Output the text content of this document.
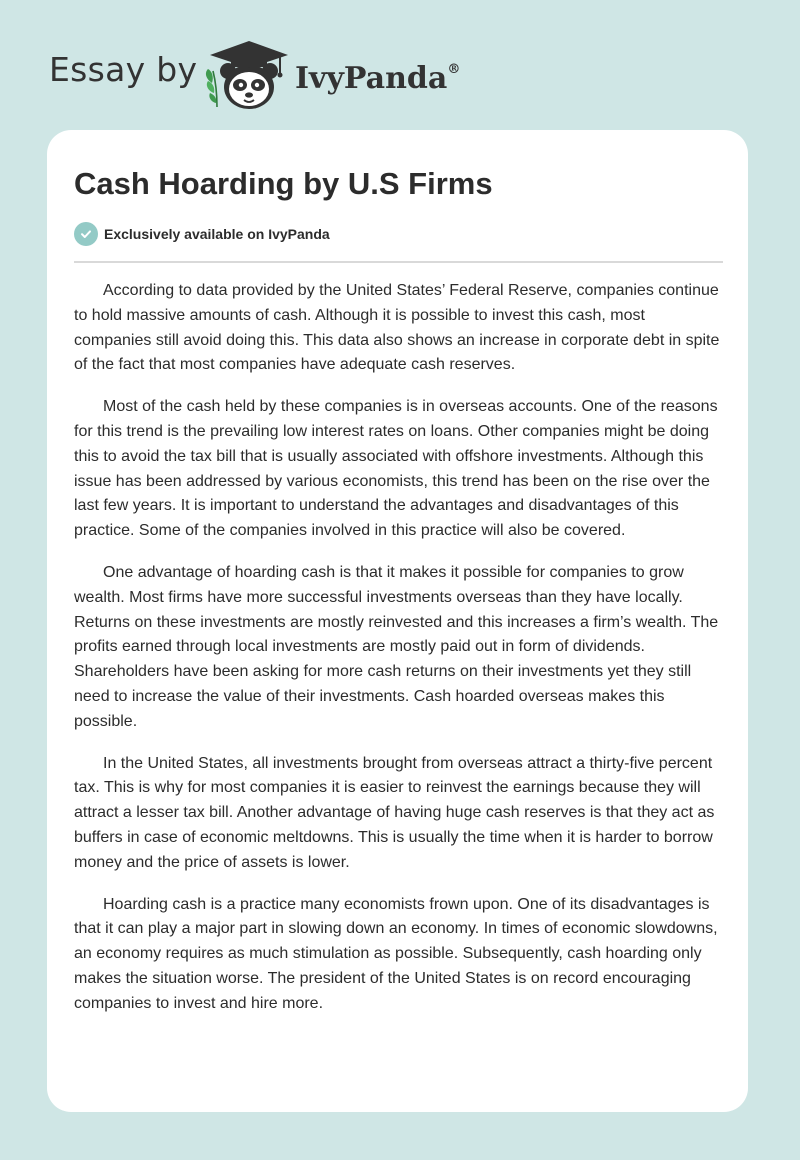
Essay by	IvyPanda®
Cash Hoarding by U.S Firms
Exclusively available on IvyPanda

According to data provided by the United States’ Federal Reserve, companies continue to hold massive amounts of cash. Although it is possible to invest this cash, most companies still avoid doing this. This data also shows an increase in corporate debt in spite of the fact that most companies have adequate cash reserves.

Most of the cash held by these companies is in overseas accounts. One of the reasons for this trend is the prevailing low interest rates on loans. Other companies might be doing this to avoid the tax bill that is usually associated with offshore investments. Although this issue has been addressed by various economists, this trend has been on the rise over the last few years. It is important to understand the advantages and disadvantages of this practice. Some of the companies involved in this practice will also be covered.

One advantage of hoarding cash is that it makes it possible for companies to grow wealth. Most firms have more successful investments overseas than they have locally. Returns on these investments are mostly reinvested and this increases a firm’s wealth. The profits earned through local investments are mostly paid out in form of dividends. Shareholders have been asking for more cash returns on their investments yet they still need to increase the value of their investments. Cash hoarded overseas makes this possible.

In the United States, all investments brought from overseas attract a thirty-five percent tax. This is why for most companies it is easier to reinvest the earnings because they will attract a lesser tax bill. Another advantage of having huge cash reserves is that they act as buffers in case of economic meltdowns. This is usually the time when it is harder to borrow money and the price of assets is lower.

Hoarding cash is a practice many economists frown upon. One of its disadvantages is that it can play a major part in slowing down an economy. In times of economic slowdowns, an economy requires as much stimulation as possible. Subsequently, cash hoarding only makes the situation worse. The president of the United States is on record encouraging companies to invest and hire more.
